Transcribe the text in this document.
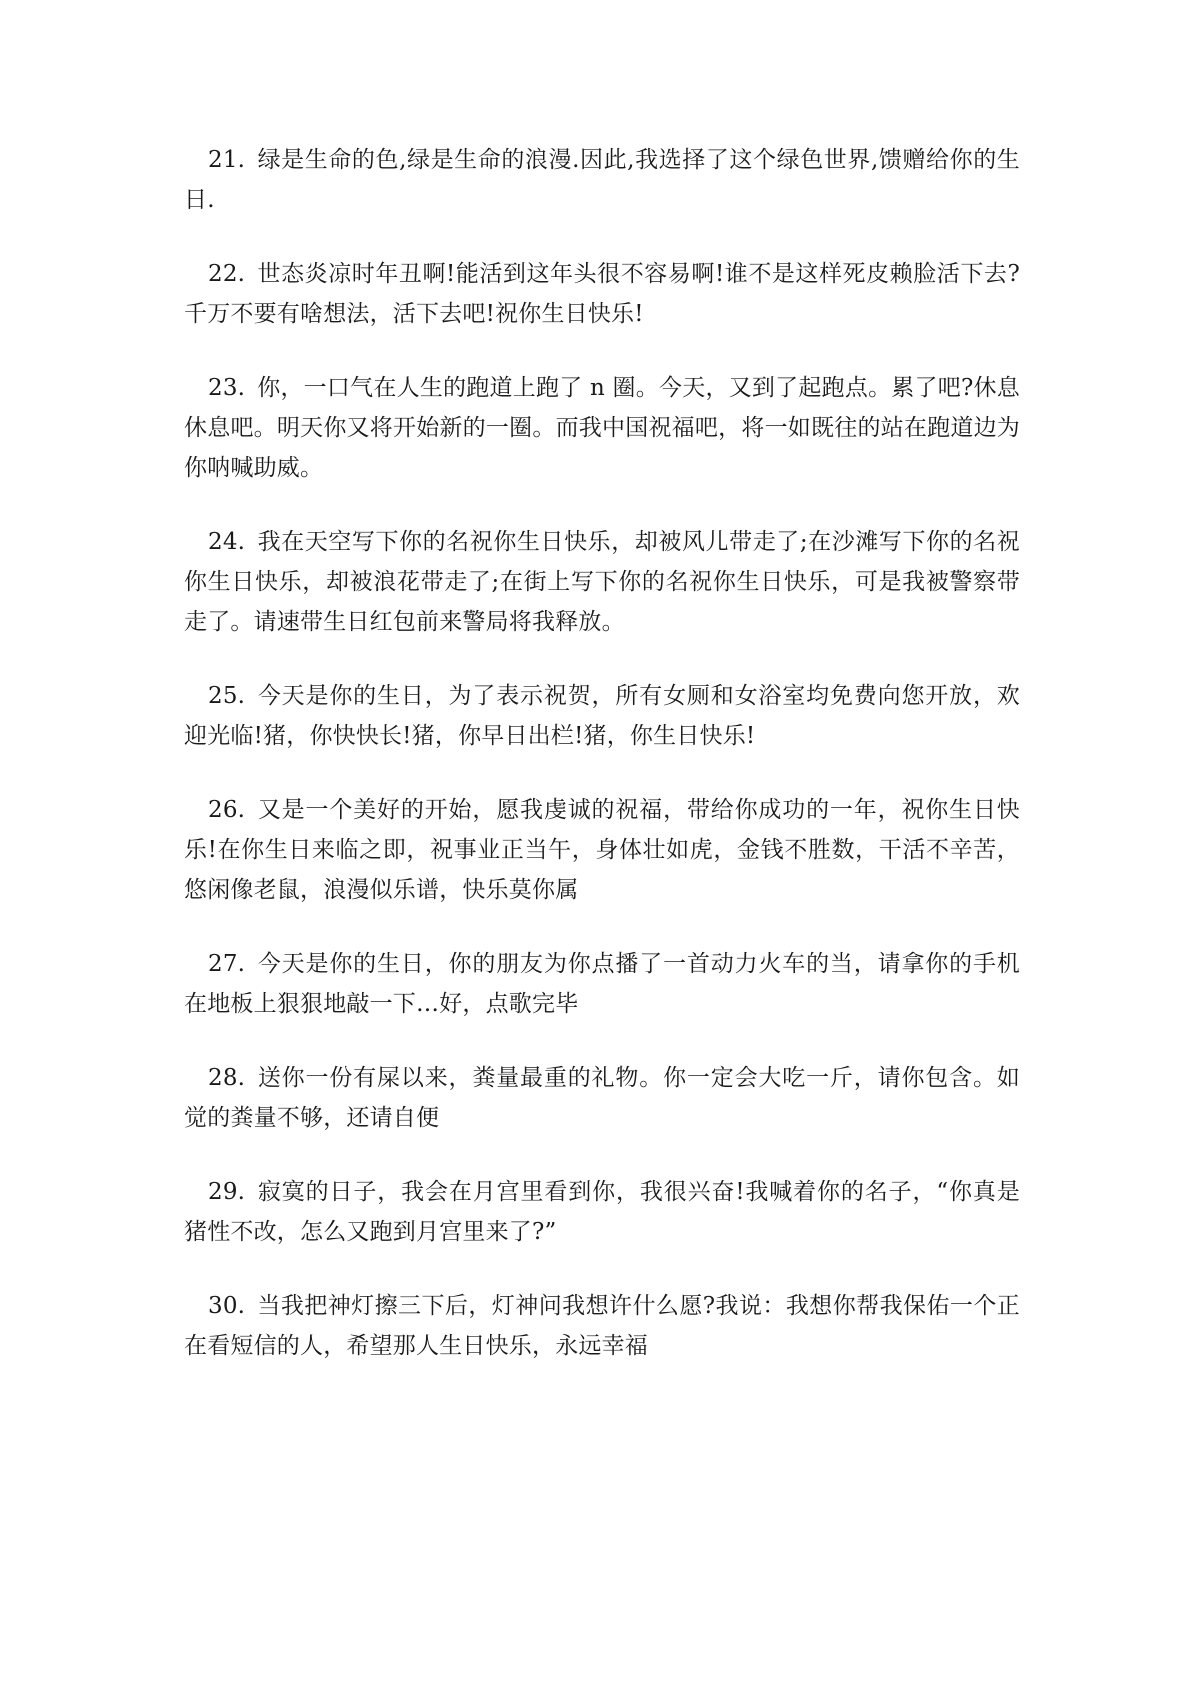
21. 绿是生命的色,绿是生命的浪漫.因此,我选择了这个绿色世界,馈赠给你的生日.

22. 世态炎凉时年丑啊!能活到这年头很不容易啊!谁不是这样死皮赖脸活下去?千万不要有啥想法，活下去吧!祝你生日快乐!

23. 你，一口气在人生的跑道上跑了 n 圈。今天，又到了起跑点。累了吧?休息休息吧。明天你又将开始新的一圈。而我中国祝福吧，将一如既往的站在跑道边为你呐喊助威。

24. 我在天空写下你的名祝你生日快乐，却被风儿带走了;在沙滩写下你的名祝你生日快乐，却被浪花带走了;在街上写下你的名祝你生日快乐，可是我被警察带走了。请速带生日红包前来警局将我释放。

25. 今天是你的生日，为了表示祝贺，所有女厕和女浴室均免费向您开放，欢迎光临!猪，你快快长!猪，你早日出栏!猪，你生日快乐!

26. 又是一个美好的开始，愿我虔诚的祝福，带给你成功的一年，祝你生日快乐!在你生日来临之即，祝事业正当午，身体壮如虎，金钱不胜数，干活不辛苦，悠闲像老鼠，浪漫似乐谱，快乐莫你属

27. 今天是你的生日，你的朋友为你点播了一首动力火车的当，请拿你的手机在地板上狠狠地敲一下…好，点歌完毕

28. 送你一份有屎以来，粪量最重的礼物。你一定会大吃一斤，请你包含。如觉的粪量不够，还请自便

29. 寂寞的日子，我会在月宫里看到你，我很兴奋!我喊着你的名子，“你真是猪性不改，怎么又跑到月宫里来了?”

30. 当我把神灯擦三下后，灯神问我想许什么愿?我说：我想你帮我保佑一个正在看短信的人，希望那人生日快乐，永远幸福
